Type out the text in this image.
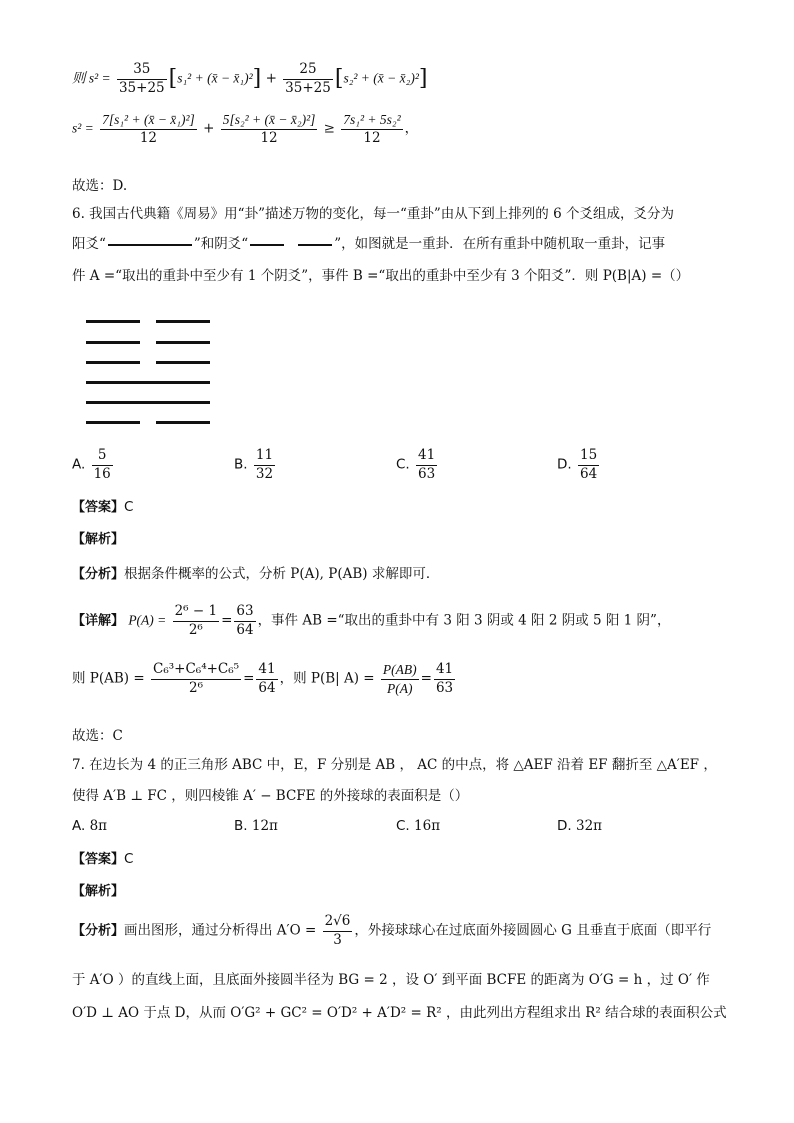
则 $s^2 = \frac{35}{35+25} [s_1^2$ + (x̄ − x̄₁)²] + $\frac{25}{35+25} [s_2^2$ + (x̄ − x̄₂)²]
$s^2 = \frac{\text{7[s₁² + (x̄ − x̄₁)²]}}{12} + \frac{\text{5[s₂² + (x̄ − x̄₂)²]}}{12} \ge \frac{\text{7s₁² + 5s₂²}}{12}$ ，
故选：D.
6. 我国古代典籍《周易》用“卦”描述万物的变化，每一“重卦”由从下到上排列的 6 个爻组成，爻分为
阳爻“	”和阴爻“	”，如图就是一重卦．在所有重卦中随机取一重卦，记事
件 A =“取出的重卦中至少有 1 个阴爻”，事件 B =“取出的重卦中至少有 3 个阳爻”．则 P(B|A) =（）
A. $\frac{5}{16}$	B. $\frac{11}{32}$	C. $\frac{41}{63}$	D. $\frac{15}{64}$
【答案】C
【解析】
【分析】根据条件概率的公式，分析 P(A), P(AB) 求解即可．
【详解】 $P(A) = \frac{\text{2⁶ − 1}}{\text{2⁶}} = \frac{63}{64}$ ，事件 AB =“取出的重卦中有 3 阳 3 阴或 4 阳 2 阴或 5 阳 1 阴”，
则 $P(AB) = \frac{\text{C₆³+C₆⁴+C₆⁵}}{\text{2⁶}} = \frac{41}{64}$ ，则 P(B| $A) = \frac{P(AB)}{P(A)} = \frac{41}{63}$
故选：C
7. 在边长为 4 的正三角形 ABC 中，E，F 分别是 AB ， AC 的中点，将 △AEF 沿着 EF 翻折至 △A′EF ，
使得 A′B ⊥ FC ，则四棱锥 A′ − BCFE 的外接球的表面积是（）
A. 8π	B. 12π	C. 16π	D. 32π
【答案】C
【解析】
【分析】画出图形，通过分析得出 $A'O = \frac{2√6}{3}$ ，外接球球心在过底面外接圆圆心 G 且垂直于底面（即平行
于 A′O ）的直线上面，且底面外接圆半径为 BG = 2 ，设 O′ 到平面 BCFE 的距离为 O′G = h ，过 O′ 作
O′D ⊥ AO 于点 D，从而 O′G² + GC² = O′D² + A′D² = R² ，由此列出方程组求出 R² 结合球的表面积公式
